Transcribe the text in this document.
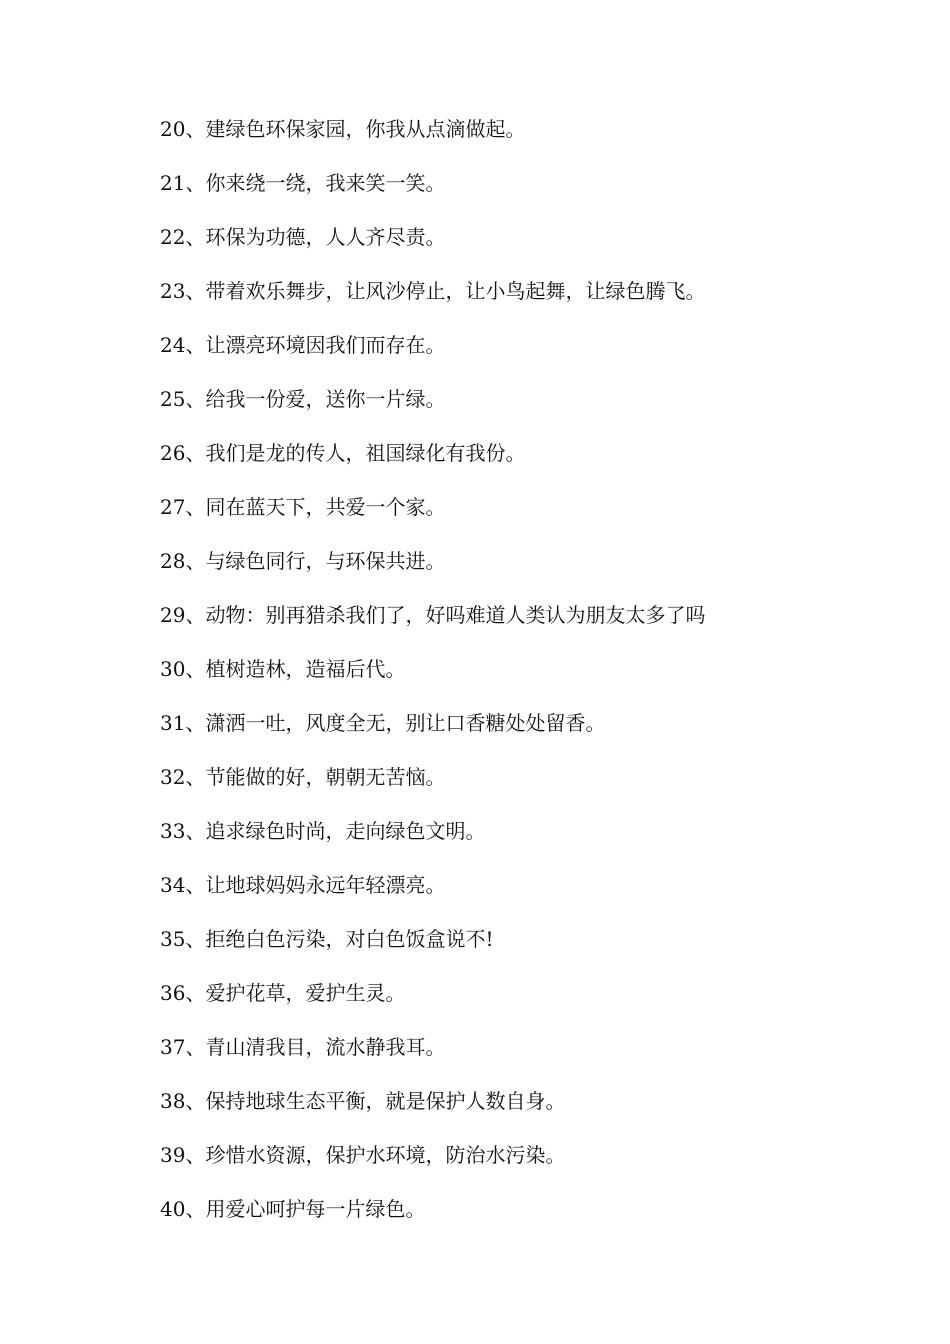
20、建绿色环保家园，你我从点滴做起。
21、你来绕一绕，我来笑一笑。
22、环保为功德，人人齐尽责。
23、带着欢乐舞步，让风沙停止，让小鸟起舞，让绿色腾飞。
24、让漂亮环境因我们而存在。
25、给我一份爱，送你一片绿。
26、我们是龙的传人，祖国绿化有我份。
27、同在蓝天下，共爱一个家。
28、与绿色同行，与环保共进。
29、动物：别再猎杀我们了，好吗难道人类认为朋友太多了吗
30、植树造林，造福后代。
31、潇洒一吐，风度全无，别让口香糖处处留香。
32、节能做的好，朝朝无苦恼。
33、追求绿色时尚，走向绿色文明。
34、让地球妈妈永远年轻漂亮。
35、拒绝白色污染，对白色饭盒说不!
36、爱护花草，爱护生灵。
37、青山清我目，流水静我耳。
38、保持地球生态平衡，就是保护人数自身。
39、珍惜水资源，保护水环境，防治水污染。
40、用爱心呵护每一片绿色。
